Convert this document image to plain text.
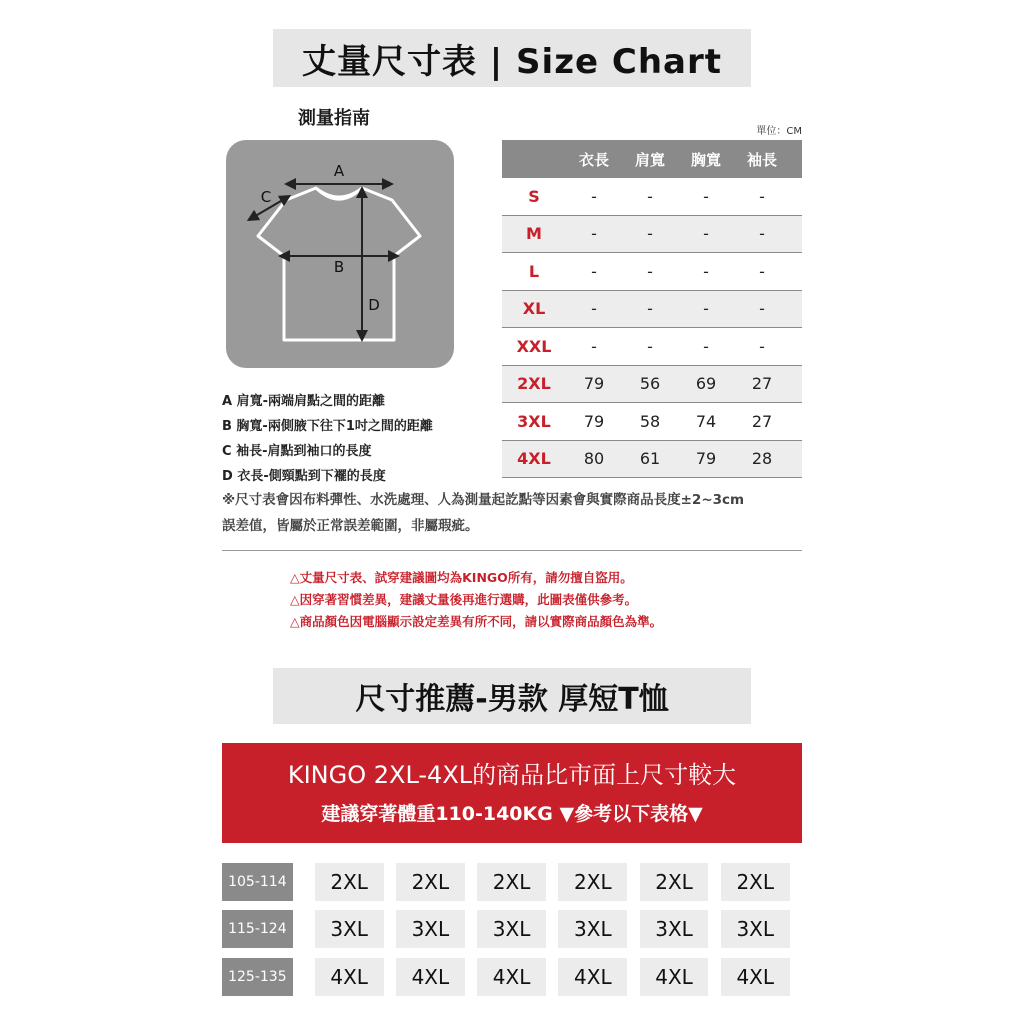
丈量尺寸表 | Size Chart
測量指南
單位：CM
A
B
C
D
衣長	肩寬	胸寬	袖長
S	-	-	-	-
M	-	-	-	-
L	-	-	-	-
XL	-	-	-	-
XXL	-	-	-	-
2XL	79	56	69	27
3XL	79	58	74	27
4XL	80	61	79	28
A 肩寬-兩端肩點之間的距離
B 胸寬-兩側腋下往下1吋之間的距離
C 袖長-肩點到袖口的長度
D 衣長-側頸點到下襬的長度
※尺寸表會因布料彈性、水洗處理、人為測量起訖點等因素會與實際商品長度±2~3cm
誤差值，皆屬於正常誤差範圍，非屬瑕疵。
△丈量尺寸表、試穿建議圖均為KINGO所有，請勿擅自盜用。
△因穿著習慣差異，建議丈量後再進行選購，此圖表僅供參考。
△商品顏色因電腦顯示設定差異有所不同，請以實際商品顏色為準。
尺寸推薦-男款 厚短T恤
KINGO 2XL-4XL的商品比市面上尺寸較大
建議穿著體重110-140KG ▼參考以下表格▼
105-114	2XL	2XL	2XL	2XL	2XL	2XL
115-124	3XL	3XL	3XL	3XL	3XL	3XL
125-135	4XL	4XL	4XL	4XL	4XL	4XL
